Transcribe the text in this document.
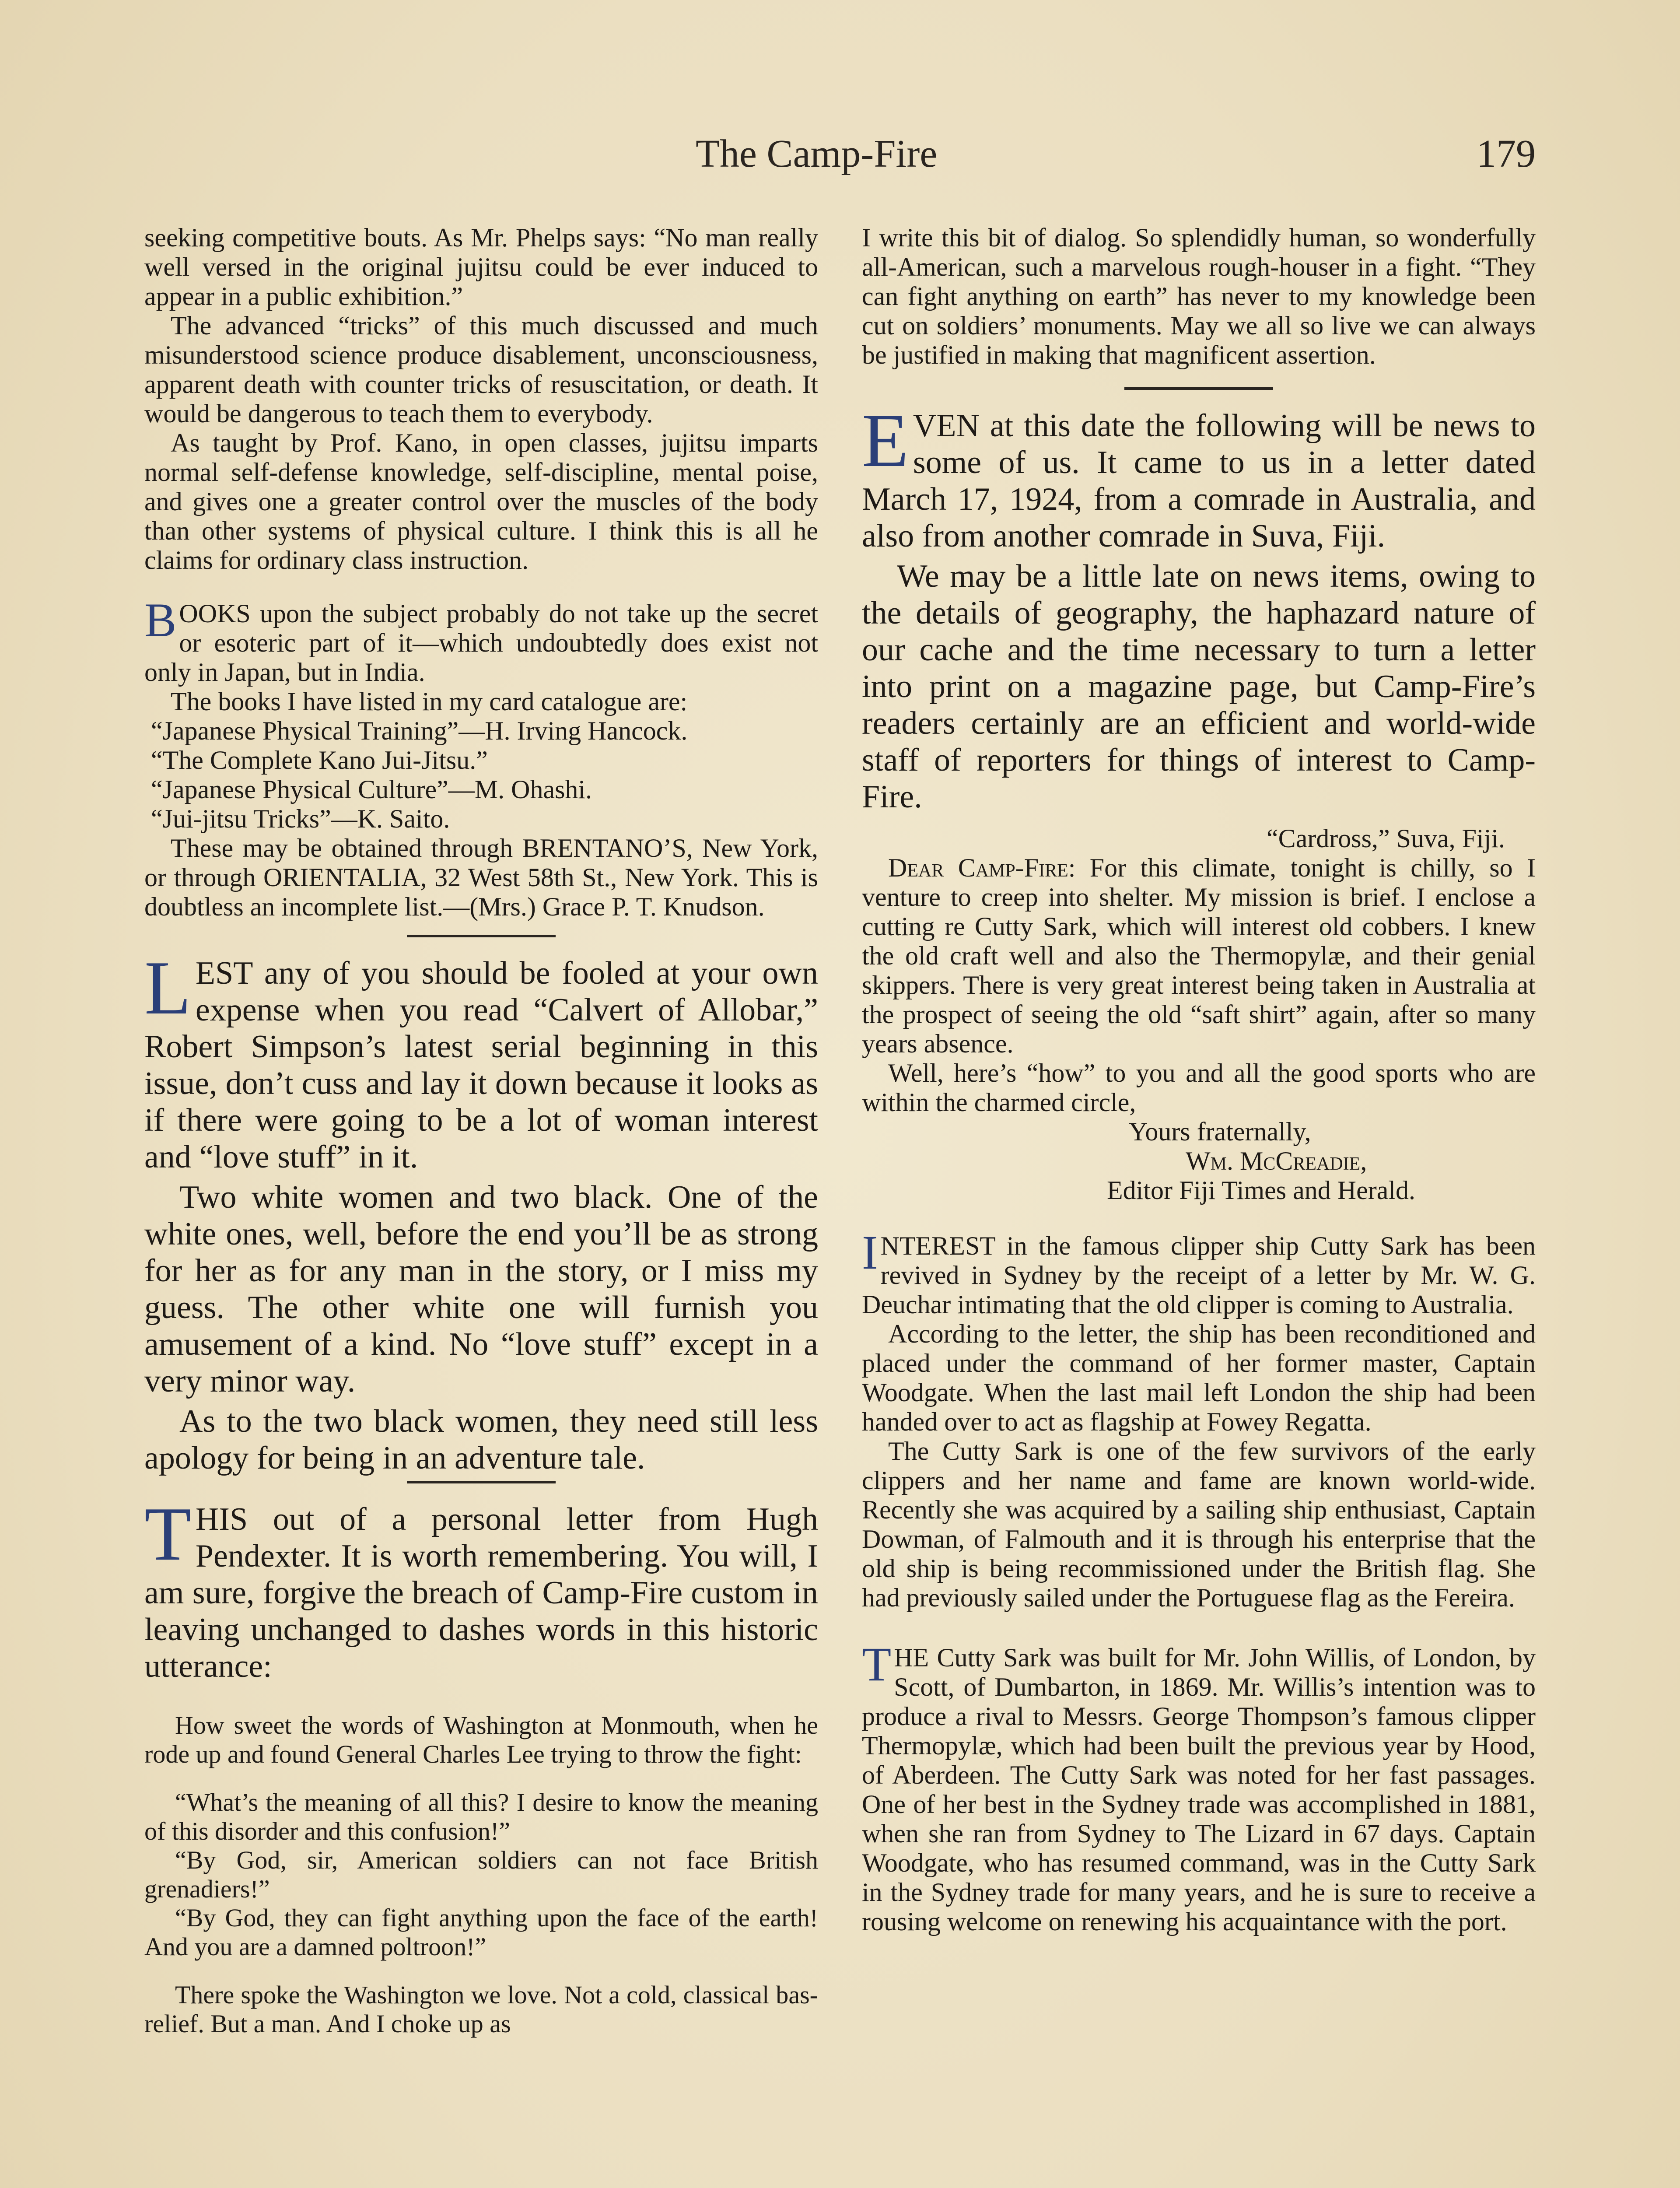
The Camp-Fire	179

seeking competitive bouts. As Mr. Phelps says: “No man really well versed in the original jujitsu could be ever induced to appear in a public exhibition.”

The advanced “tricks” of this much discussed and much misunderstood science produce disablement, unconsciousness, apparent death with counter tricks of resuscitation, or death. It would be dangerous to teach them to everybody.

As taught by Prof. Kano, in open classes, jujitsu imparts normal self-defense knowledge, self-discipline, mental poise, and gives one a greater control over the muscles of the body than other systems of physical culture. I think this is all he claims for ordinary class instruction.

BOOKS upon the subject probably do not take up the secret or esoteric part of it—which undoubtedly does exist not only in Japan, but in India.

The books I have listed in my card catalogue are:

“Japanese Physical Training”—H. Irving Hancock.

“The Complete Kano Jui-Jitsu.”

“Japanese Physical Culture”—M. Ohashi.

“Jui-jitsu Tricks”—K. Saito.

These may be obtained through BRENTANO’S, New York, or through ORIENTALIA, 32 West 58th St., New York. This is doubtless an incomplete list.—(Mrs.) Grace P. T. Knudson.

LEST any of you should be fooled at your own expense when you read “Calvert of Allobar,” Robert Simpson’s latest serial beginning in this issue, don’t cuss and lay it down because it looks as if there were going to be a lot of woman interest and “love stuff” in it.

Two white women and two black. One of the white ones, well, before the end you’ll be as strong for her as for any man in the story, or I miss my guess. The other white one will furnish you amusement of a kind. No “love stuff” except in a very minor way.

As to the two black women, they need still less apology for being in an adventure tale.

THIS out of a personal letter from Hugh Pendexter. It is worth remembering. You will, I am sure, forgive the breach of Camp-Fire custom in leaving unchanged to dashes words in this historic utterance:

How sweet the words of Washington at Monmouth, when he rode up and found General Charles Lee trying to throw the fight:

“What’s the meaning of all this? I desire to know the meaning of this disorder and this confusion!”

“By God, sir, American soldiers can not face British grenadiers!”

“By God, they can fight anything upon the face of the earth! And you are a damned poltroon!”

There spoke the Washington we love. Not a cold, classical bas-relief. But a man. And I choke up as

I write this bit of dialog. So splendidly human, so wonderfully all-American, such a marvelous rough-houser in a fight. “They can fight anything on earth” has never to my knowledge been cut on soldiers’ monuments. May we all so live we can always be justified in making that magnificent assertion.

EVEN at this date the following will be news to some of us. It came to us in a letter dated March 17, 1924, from a comrade in Australia, and also from another comrade in Suva, Fiji.

We may be a little late on news items, owing to the details of geography, the haphazard nature of our cache and the time necessary to turn a letter into print on a magazine page, but Camp-Fire’s readers certainly are an efficient and world-wide staff of reporters for things of interest to Camp-Fire.

“Cardross,” Suva, Fiji.

Dear Camp-Fire: For this climate, tonight is chilly, so I venture to creep into shelter. My mission is brief. I enclose a cutting re Cutty Sark, which will interest old cobbers. I knew the old craft well and also the Thermopylæ, and their genial skippers. There is very great interest being taken in Australia at the prospect of seeing the old “saft shirt” again, after so many years absence.

Well, here’s “how” to you and all the good sports who are within the charmed circle,

Yours fraternally,
Wm. McCreadie,
Editor Fiji Times and Herald.

INTEREST in the famous clipper ship Cutty Sark has been revived in Sydney by the receipt of a letter by Mr. W. G. Deuchar intimating that the old clipper is coming to Australia.

According to the letter, the ship has been reconditioned and placed under the command of her former master, Captain Woodgate. When the last mail left London the ship had been handed over to act as flagship at Fowey Regatta.

The Cutty Sark is one of the few survivors of the early clippers and her name and fame are known world-wide. Recently she was acquired by a sailing ship enthusiast, Captain Dowman, of Falmouth and it is through his enterprise that the old ship is being recommissioned under the British flag. She had previously sailed under the Portuguese flag as the Fereira.

THE Cutty Sark was built for Mr. John Willis, of London, by Scott, of Dumbarton, in 1869. Mr. Willis’s intention was to produce a rival to Messrs. George Thompson’s famous clipper Thermopylæ, which had been built the previous year by Hood, of Aberdeen. The Cutty Sark was noted for her fast passages. One of her best in the Sydney trade was accomplished in 1881, when she ran from Sydney to The Lizard in 67 days. Captain Woodgate, who has resumed command, was in the Cutty Sark in the Sydney trade for many years, and he is sure to receive a rousing welcome on renewing his acquaintance with the port.
